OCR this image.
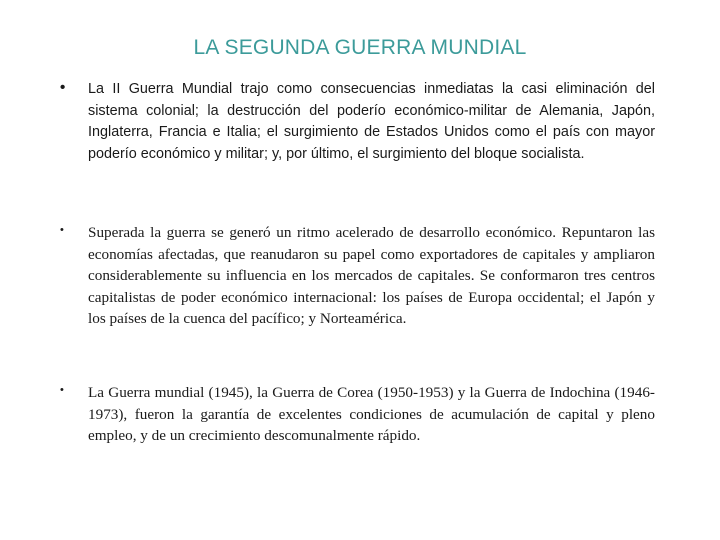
LA SEGUNDA GUERRA MUNDIAL
• La II Guerra Mundial trajo como consecuencias inmediatas la casi eliminación del sistema colonial; la destrucción del poderío económico-militar de Alemania, Japón, Inglaterra, Francia e Italia; el surgimiento de Estados Unidos como el país con mayor poderío económico y militar; y, por último, el surgimiento del bloque socialista.
• Superada la guerra se generó un ritmo acelerado de desarrollo económico. Repuntaron las economías afectadas, que reanudaron su papel como exportadores de capitales y ampliaron considerablemente su influencia en los mercados de capitales. Se conformaron tres centros capitalistas de poder económico internacional: los países de Europa occidental; el Japón y los países de la cuenca del pacífico; y Norteamérica.
• La Guerra mundial (1945), la Guerra de Corea (1950-1953) y la Guerra de Indochina (1946- 1973), fueron la garantía de excelentes condiciones de acumulación de capital y pleno empleo, y de un crecimiento descomunalmente rápido.
